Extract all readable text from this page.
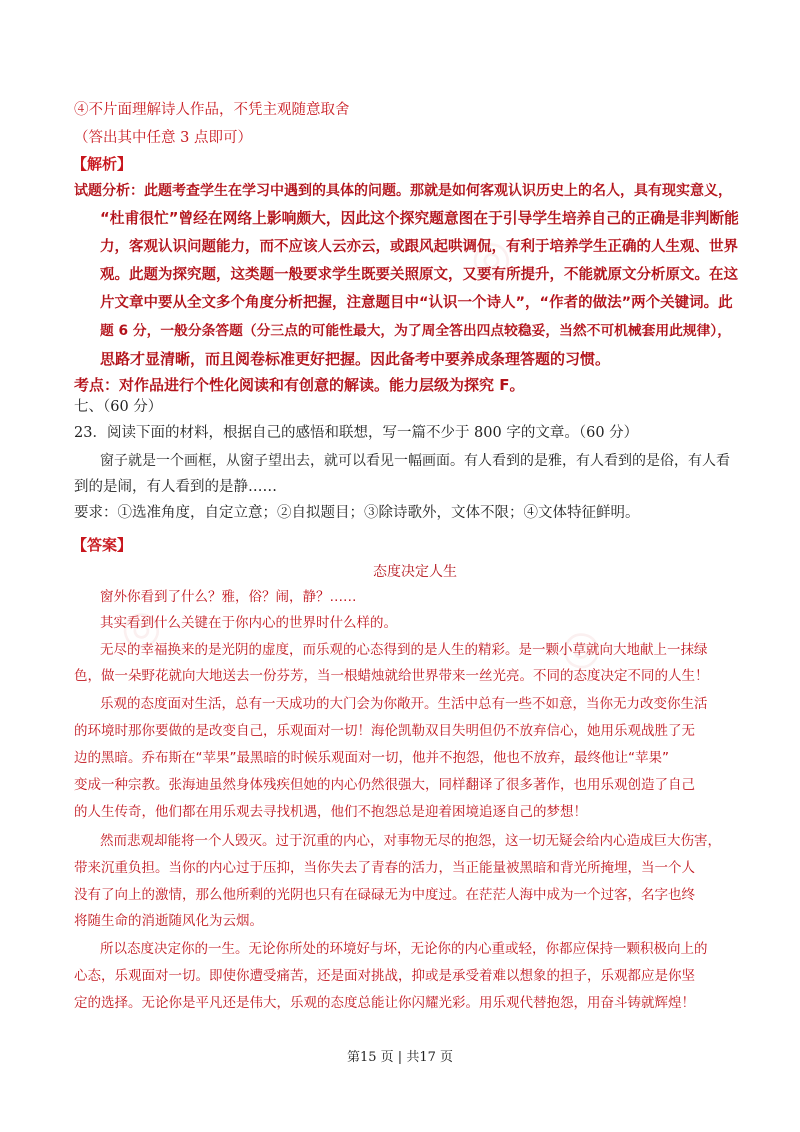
◎
◎	◎
④不片面理解诗人作品，不凭主观随意取舍
（答出其中任意 3 点即可）
【解析】
试题分析：此题考查学生在学习中遇到的具体的问题。那就是如何客观认识历史上的名人，具有现实意义，
“杜甫很忙”曾经在网络上影响颇大，因此这个探究题意图在于引导学生培养自己的正确是非判断能
力，客观认识问题能力，而不应该人云亦云，或跟风起哄调侃，有利于培养学生正确的人生观、世界
观。此题为探究题，这类题一般要求学生既要关照原文，又要有所提升，不能就原文分析原文。在这
片文章中要从全文多个角度分析把握，注意题目中“认识一个诗人”，“作者的做法”两个关键词。此
题 6 分，一般分条答题（分三点的可能性最大，为了周全答出四点较稳妥，当然不可机械套用此规律），
思路才显清晰，而且阅卷标准更好把握。因此备考中要养成条理答题的习惯。
考点：对作品进行个性化阅读和有创意的解读。能力层级为探究 F。
七、（60 分）
23．阅读下面的材料，根据自己的感悟和联想，写一篇不少于 800 字的文章。（60 分）
窗子就是一个画框，从窗子望出去，就可以看见一幅画面。有人看到的是雅，有人看到的是俗，有人看
到的是闹，有人看到的是静……
要求：①选准角度，自定立意；②自拟题目；③除诗歌外，文体不限；④文体特征鲜明。
【答案】
态度决定人生
窗外你看到了什么？雅，俗？闹，静？……
其实看到什么关键在于你内心的世界时什么样的。
无尽的幸福换来的是光阴的虚度，而乐观的心态得到的是人生的精彩。是一颗小草就向大地献上一抹绿
色，做一朵野花就向大地送去一份芬芳，当一根蜡烛就给世界带来一丝光亮。不同的态度决定不同的人生！
乐观的态度面对生活，总有一天成功的大门会为你敞开。生活中总有一些不如意，当你无力改变你生活
的环境时那你要做的是改变自己，乐观面对一切！海伦凯勒双目失明但仍不放弃信心，她用乐观战胜了无
边的黑暗。乔布斯在“苹果”最黑暗的时候乐观面对一切，他并不抱怨，他也不放弃，最终他让“苹果”
变成一种宗教。张海迪虽然身体残疾但她的内心仍然很强大，同样翻译了很多著作，也用乐观创造了自己
的人生传奇，他们都在用乐观去寻找机遇，他们不抱怨总是迎着困境追逐自己的梦想！
然而悲观却能将一个人毁灭。过于沉重的内心，对事物无尽的抱怨，这一切无疑会给内心造成巨大伤害，
带来沉重负担。当你的内心过于压抑，当你失去了青春的活力，当正能量被黑暗和背光所掩埋，当一个人
没有了向上的激情，那么他所剩的光阴也只有在碌碌无为中度过。在茫茫人海中成为一个过客，名字也终
将随生命的消逝随风化为云烟。
所以态度决定你的一生。无论你所处的环境好与坏，无论你的内心重或轻，你都应保持一颗积极向上的
心态，乐观面对一切。即使你遭受痛苦，还是面对挑战，抑或是承受着难以想象的担子，乐观都应是你坚
定的选择。无论你是平凡还是伟大，乐观的态度总能让你闪耀光彩。用乐观代替抱怨，用奋斗铸就辉煌！
第15 页 | 共17 页
